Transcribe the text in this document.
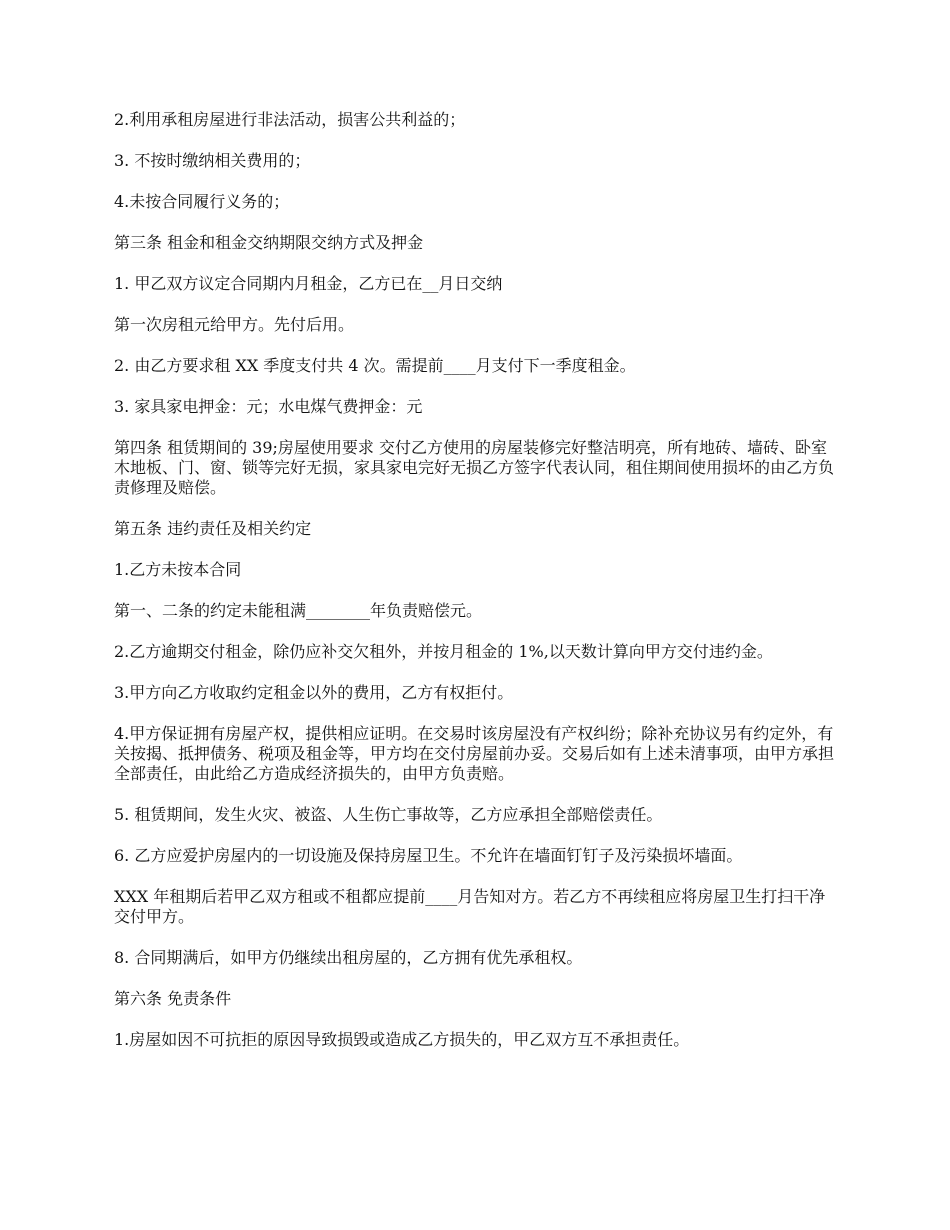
2.利用承租房屋进行非法活动，损害公共利益的；

3. 不按时缴纳相关费用的；

4.未按合同履行义务的；

第三条 租金和租金交纳期限交纳方式及押金

1. 甲乙双方议定合同期内月租金，乙方已在__月日交纳

第一次房租元给甲方。先付后用。

2. 由乙方要求租 XX 季度支付共 4 次。需提前____月支付下一季度租金。

3. 家具家电押金：元；水电煤气费押金：元

第四条 租赁期间的 39;房屋使用要求 交付乙方使用的房屋装修完好整洁明亮，所有地砖、墙砖、卧室木地板、门、窗、锁等完好无损，家具家电完好无损乙方签字代表认同，租住期间使用损坏的由乙方负责修理及赔偿。

第五条 违约责任及相关约定

1.乙方未按本合同

第一、二条的约定未能租满________年负责赔偿元。

2.乙方逾期交付租金，除仍应补交欠租外，并按月租金的 1%,以天数计算向甲方交付违约金。

3.甲方向乙方收取约定租金以外的费用，乙方有权拒付。

4.甲方保证拥有房屋产权，提供相应证明。在交易时该房屋没有产权纠纷；除补充协议另有约定外，有关按揭、抵押债务、税项及租金等，甲方均在交付房屋前办妥。交易后如有上述未清事项，由甲方承担全部责任，由此给乙方造成经济损失的，由甲方负责赔。

5. 租赁期间，发生火灾、被盗、人生伤亡事故等，乙方应承担全部赔偿责任。

6. 乙方应爱护房屋内的一切设施及保持房屋卫生。不允许在墙面钉钉子及污染损坏墙面。

XXX 年租期后若甲乙双方租或不租都应提前____月告知对方。若乙方不再续租应将房屋卫生打扫干净交付甲方。

8. 合同期满后，如甲方仍继续出租房屋的，乙方拥有优先承租权。

第六条 免责条件

1.房屋如因不可抗拒的原因导致损毁或造成乙方损失的，甲乙双方互不承担责任。
